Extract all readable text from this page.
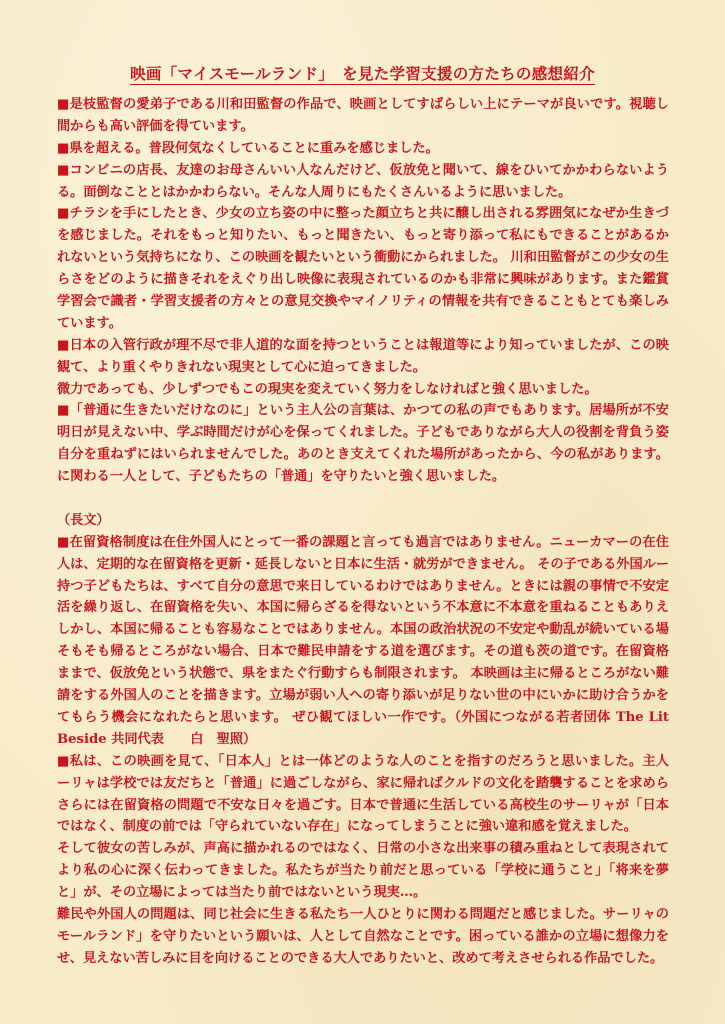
映画「マイスモールランド」　を見た学習支援の方たちの感想紹介
■是枝監督の愛弟子である川和田監督の作品で、映画としてすばらしい上にテーマが良いです。視聴し
間からも高い評価を得ています。
■県を超える。普段何気なくしていることに重みを感じました。
■コンビニの店長、友達のお母さんいい人なんだけど、仮放免と聞いて、線をひいてかかわらないよう
る。面倒なこととはかかわらない。そんな人周りにもたくさんいるように思いました。
■チラシを手にしたとき、少女の立ち姿の中に整った顔立ちと共に醸し出される雰囲気になぜか生きづ
を感じました。それをもっと知りたい、もっと聞きたい、もっと寄り添って私にもできることがあるか
れないという気持ちになり、この映画を観たいという衝動にかられました。 川和田監督がこの少女の生
らさをどのように描きそれをえぐり出し映像に表現されているのかも非常に興味があります。また鑑賞
学習会で識者・学習支援者の方々との意見交換やマイノリティの情報を共有できることもとても楽しみ
ています。
■日本の入管行政が理不尽で非人道的な面を持つということは報道等により知っていましたが、この映
観て、より重くやりきれない現実として心に迫ってきました。
微力であっても、少しずつでもこの現実を変えていく努力をしなければと強く思いました。
■「普通に生きたいだけなのに」という主人公の言葉は、かつての私の声でもあります。居場所が不安
明日が見えない中、学ぶ時間だけが心を保ってくれました。子どもでありながら大人の役割を背負う姿
自分を重ねずにはいられませんでした。あのとき支えてくれた場所があったから、今の私があります。
に関わる一人として、子どもたちの「普通」を守りたいと強く思いました。
（長文）
■在留資格制度は在住外国人にとって一番の課題と言っても過言ではありません。ニューカマーの在住
人は、定期的な在留資格を更新・延長しないと日本に生活・就労ができません。 その子である外国ルー
持つ子どもたちは、すべて自分の意思で来日しているわけではありません。ときには親の事情で不安定
活を繰り返し、在留資格を失い、本国に帰らざるを得ないという不本意に不本意を重ねることもありえ
しかし、本国に帰ることも容易なことではありません。本国の政治状況の不安定や動乱が続いている場
そもそも帰るところがない場合、日本で難民申請をする道を選びます。その道も茨の道です。在留資格
ままで、仮放免という状態で、県をまたぐ行動すらも制限されます。 本映画は主に帰るところがない難
請をする外国人のことを描きます。立場が弱い人への寄り添いが足りない世の中にいかに助け合うかを
てもらう機会になれたらと思います。 ぜひ観てほしい一作です。（外国につながる若者団体 The Lit
Beside 共同代表　　白　聖照）
■私は、この映画を見て、「日本人」とは一体どのような人のことを指すのだろうと思いました。主人
ーリャは学校では友だちと「普通」に過ごしながら、家に帰ればクルドの文化を踏襲することを求めら
さらには在留資格の問題で不安な日々を過ごす。日本で普通に生活している高校生のサーリャが「日本
ではなく、制度の前では「守られていない存在」になってしまうことに強い違和感を覚えました。
そして彼女の苦しみが、声高に描かれるのではなく、日常の小さな出来事の積み重ねとして表現されて
より私の心に深く伝わってきました。私たちが当たり前だと思っている「学校に通うこと」「将来を夢
と」が、その立場によっては当たり前ではないという現実…。
難民や外国人の問題は、同じ社会に生きる私たち一人ひとりに関わる問題だと感じました。サーリャの
モールランド」を守りたいという願いは、人として自然なことです。困っている誰かの立場に想像力を
せ、見えない苦しみに目を向けることのできる大人でありたいと、改めて考えさせられる作品でした。
